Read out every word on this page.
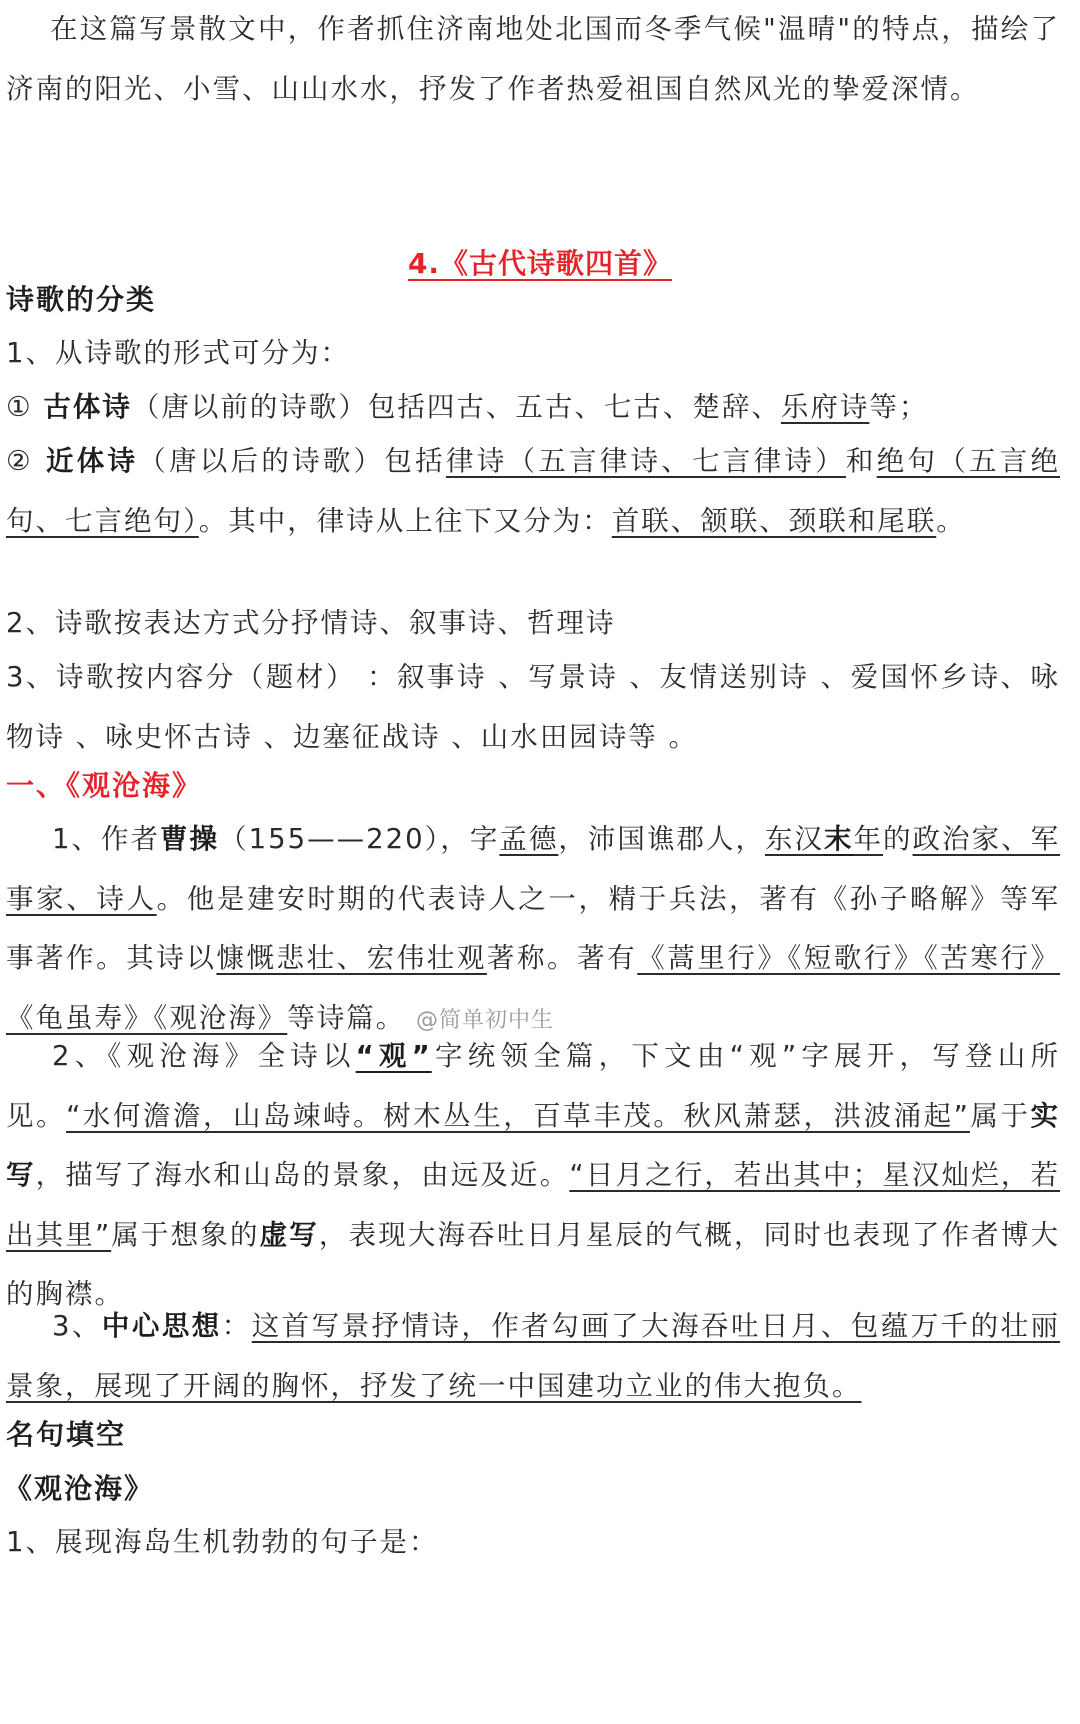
在这篇写景散文中，作者抓住济南地处北国而冬季气候"温晴"的特点，描绘了济南的阳光、小雪、山山水水，抒发了作者热爱祖国自然风光的挚爱深情。

4.《古代诗歌四首》
诗歌的分类

1、从诗歌的形式可分为：

① 古体诗（唐以前的诗歌）包括四古、五古、七古、楚辞、乐府诗等；

② 近体诗（唐以后的诗歌）包括律诗（五言律诗、七言律诗）和绝句（五言绝句、七言绝句）。其中，律诗从上往下又分为：首联、颔联、颈联和尾联。

2、诗歌按表达方式分抒情诗、叙事诗、哲理诗

3、诗歌按内容分（题材） ：叙事诗 、写景诗 、友情送别诗 、爱国怀乡诗、咏物诗 、咏史怀古诗 、边塞征战诗 、山水田园诗等 。

一、《观沧海》

1、作者曹操（155——220），字孟德，沛国谯郡人，东汉末年的政治家、军事家、诗人。他是建安时期的代表诗人之一，精于兵法，著有《孙子略解》等军事著作。其诗以慷慨悲壮、宏伟壮观著称。著有《蒿里行》《短歌行》《苦寒行》《龟虽寿》《观沧海》等诗篇。 @简单初中生

2、《观沧海》全诗以“观”字统领全篇，下文由“观”字展开，写登山所见。“水何澹澹，山岛竦峙。树木丛生，百草丰茂。秋风萧瑟，洪波涌起”属于实写，描写了海水和山岛的景象，由远及近。“日月之行，若出其中；星汉灿烂，若出其里”属于想象的虚写，表现大海吞吐日月星辰的气概，同时也表现了作者博大的胸襟。

3、中心思想：这首写景抒情诗，作者勾画了大海吞吐日月、包蕴万千的壮丽景象，展现了开阔的胸怀，抒发了统一中国建功立业的伟大抱负。

名句填空
《观沧海》

1、展现海岛生机勃勃的句子是：
